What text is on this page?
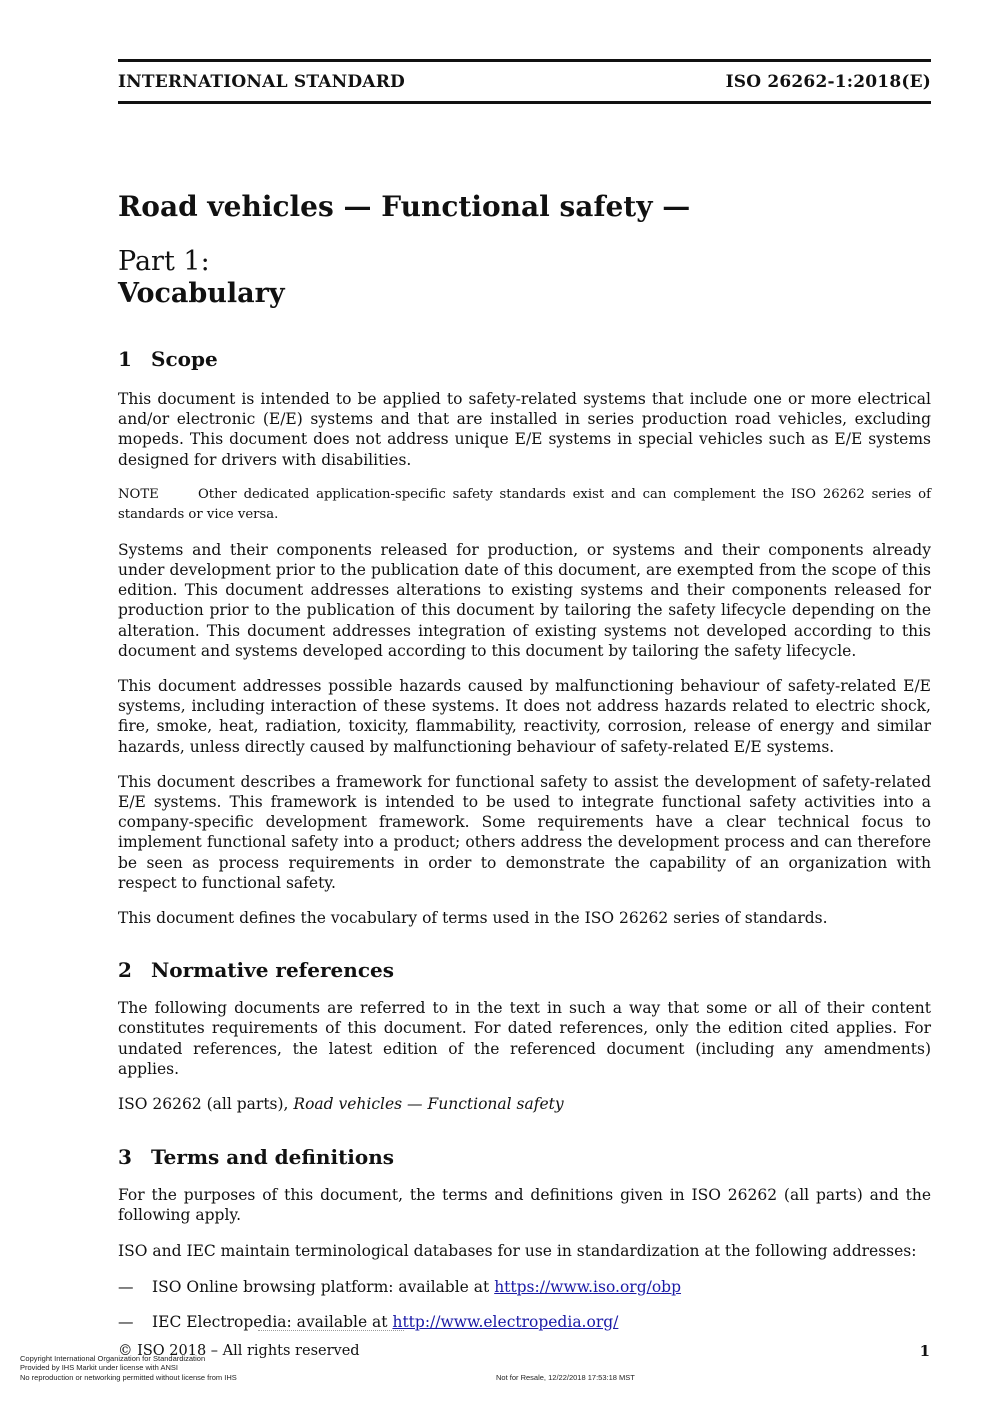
INTERNATIONAL STANDARD	ISO 26262-1:2018(E)
Road vehicles — Functional safety —
Part 1:
Vocabulary
1 Scope

This document is intended to be applied to safety-related systems that include one or more electrical and/or electronic (E/E) systems and that are installed in series production road vehicles, excluding mopeds. This document does not address unique E/E systems in special vehicles such as E/E systems designed for drivers with disabilities.

NOTE	Other dedicated application-specific safety standards exist and can complement the ISO 26262 series of standards or vice versa.

Systems and their components released for production, or systems and their components already under development prior to the publication date of this document, are exempted from the scope of this edition. This document addresses alterations to existing systems and their components released for production prior to the publication of this document by tailoring the safety lifecycle depending on the alteration. This document addresses integration of existing systems not developed according to this document and systems developed according to this document by tailoring the safety lifecycle.

This document addresses possible hazards caused by malfunctioning behaviour of safety-related E/E systems, including interaction of these systems. It does not address hazards related to electric shock, fire, smoke, heat, radiation, toxicity, flammability, reactivity, corrosion, release of energy and similar hazards, unless directly caused by malfunctioning behaviour of safety-related E/E systems.

This document describes a framework for functional safety to assist the development of safety-related E/E systems. This framework is intended to be used to integrate functional safety activities into a company-specific development framework. Some requirements have a clear technical focus to implement functional safety into a product; others address the development process and can therefore be seen as process requirements in order to demonstrate the capability of an organization with respect to functional safety.

This document defines the vocabulary of terms used in the ISO 26262 series of standards.

2 Normative references

The following documents are referred to in the text in such a way that some or all of their content constitutes requirements of this document. For dated references, only the edition cited applies. For undated references, the latest edition of the referenced document (including any amendments) applies.

ISO 26262 (all parts), Road vehicles — Functional safety

3 Terms and definitions

For the purposes of this document, the terms and definitions given in ISO 26262 (all parts) and the following apply.

ISO and IEC maintain terminological databases for use in standardization at the following addresses:

— ISO Online browsing platform: available at https://www.iso.org/obp
— IEC Electropedia: available at http://www.electropedia.org/
© ISO 2018 – All rights reserved	1
Copyright International Organization for Standardization
Provided by IHS Markit under license with ANSI
No reproduction or networking permitted without license from IHS	Not for Resale, 12/22/2018 17:53:18 MST
